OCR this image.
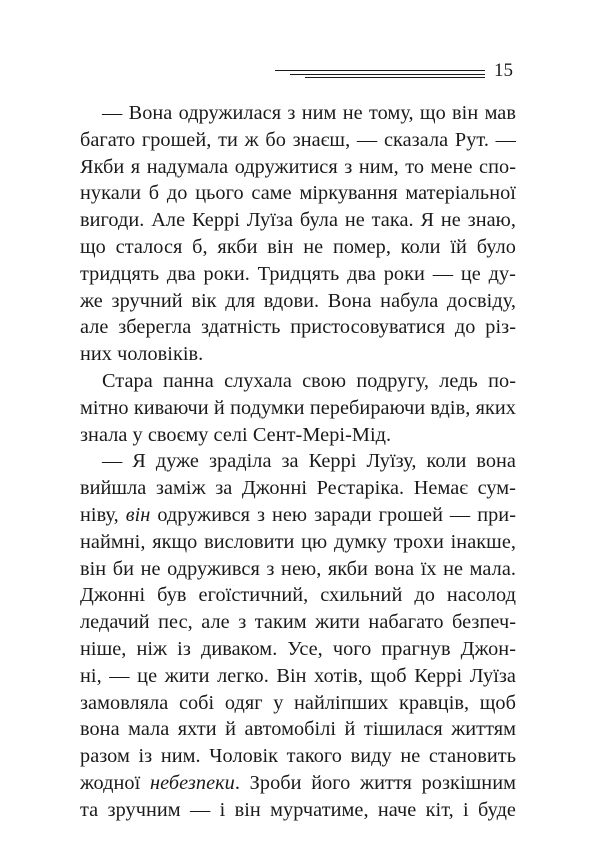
15
— Вона одружилася з ним не тому, що він мав
багато грошей, ти ж бо знаєш, — сказала Рут. —
Якби я надумала одружитися з ним, то мене спо-
нукали б до цього саме міркування матеріальної
вигоди. Але Керрі Луїза була не така. Я не знаю,
що сталося б, якби він не помер, коли їй було
тридцять два роки. Тридцять два роки — це ду-
же зручний вік для вдови. Вона набула досвіду,
але зберегла здатність пристосовуватися до різ-
них чоловіків.
Стара панна слухала свою подругу, ледь по-
мітно киваючи й подумки перебираючи вдів, яких
знала у своєму селі Сент-Мері-Мід.
— Я дуже зраділа за Керрі Луїзу, коли вона
вийшла заміж за Джонні Рестаріка. Немає сум-
ніву, він одружився з нею заради грошей — при-
наймні, якщо висловити цю думку трохи інакше,
він би не одружився з нею, якби вона їх не мала.
Джонні був егоїстичний, схильний до насолод
ледачий пес, але з таким жити набагато безпеч-
ніше, ніж із диваком. Усе, чого прагнув Джон-
ні, — це жити легко. Він хотів, щоб Керрі Луїза
замовляла собі одяг у найліпших кравців, щоб
вона мала яхти й автомобілі й тішилася життям
разом із ним. Чоловік такого виду не становить
жодної небезпеки. Зроби його життя розкішним
та зручним — і він мурчатиме, наче кіт, і буде
